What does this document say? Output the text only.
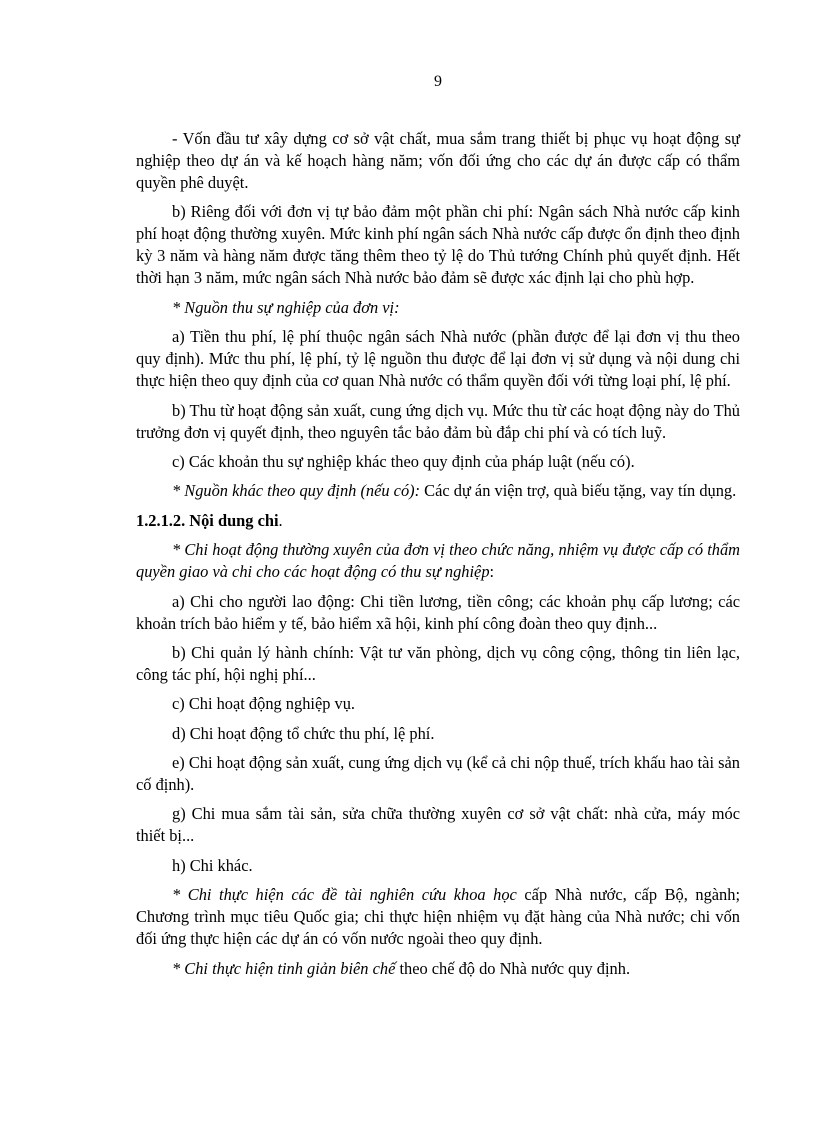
9

- Vốn đầu tư xây dựng cơ sở vật chất, mua sắm trang thiết bị phục vụ hoạt động sự nghiệp theo dự án và kế hoạch hàng năm; vốn đối ứng cho các dự án được cấp có thẩm quyền phê duyệt.

b) Riêng đối với đơn vị tự bảo đảm một phần chi phí: Ngân sách Nhà nước cấp kinh phí hoạt động thường xuyên. Mức kinh phí ngân sách Nhà nước cấp được ổn định theo định kỳ 3 năm và hàng năm được tăng thêm theo tỷ lệ do Thủ tướng Chính phủ quyết định. Hết thời hạn 3 năm, mức ngân sách Nhà nước bảo đảm sẽ được xác định lại cho phù hợp.

* Nguồn thu sự nghiệp của đơn vị:

a) Tiền thu phí, lệ phí thuộc ngân sách Nhà nước (phần được để lại đơn vị thu theo quy định). Mức thu phí, lệ phí, tỷ lệ nguồn thu được để lại đơn vị sử dụng và nội dung chi thực hiện theo quy định của cơ quan Nhà nước có thẩm quyền đối với từng loại phí, lệ phí.

b) Thu từ hoạt động sản xuất, cung ứng dịch vụ. Mức thu từ các hoạt động này do Thủ trưởng đơn vị quyết định, theo nguyên tắc bảo đảm bù đắp chi phí và có tích luỹ.

c) Các khoản thu sự nghiệp khác theo quy định của pháp luật (nếu có).

* Nguồn khác theo quy định (nếu có): Các dự án viện trợ, quà biếu tặng, vay tín dụng.

1.2.1.2. Nội dung chi.

* Chi hoạt động thường xuyên của đơn vị theo chức năng, nhiệm vụ được cấp có thẩm quyền giao và chi cho các hoạt động có thu sự nghiệp:

a) Chi cho người lao động: Chi tiền lương, tiền công; các khoản phụ cấp lương; các khoản trích bảo hiểm y tế, bảo hiểm xã hội, kinh phí công đoàn theo quy định...

b) Chi quản lý hành chính: Vật tư văn phòng, dịch vụ công cộng, thông tin liên lạc, công tác phí, hội nghị phí...

c) Chi hoạt động nghiệp vụ.

d) Chi hoạt động tổ chức thu phí, lệ phí.

e) Chi hoạt động sản xuất, cung ứng dịch vụ (kể cả chi nộp thuế, trích khấu hao tài sản cố định).

g) Chi mua sắm tài sản, sửa chữa thường xuyên cơ sở vật chất: nhà cửa, máy móc thiết bị...

h) Chi khác.

* Chi thực hiện các đề tài nghiên cứu khoa học cấp Nhà nước, cấp Bộ, ngành; Chương trình mục tiêu Quốc gia; chi thực hiện nhiệm vụ đặt hàng của Nhà nước; chi vốn đối ứng thực hiện các dự án có vốn nước ngoài theo quy định.

* Chi thực hiện tinh giản biên chế theo chế độ do Nhà nước quy định.
